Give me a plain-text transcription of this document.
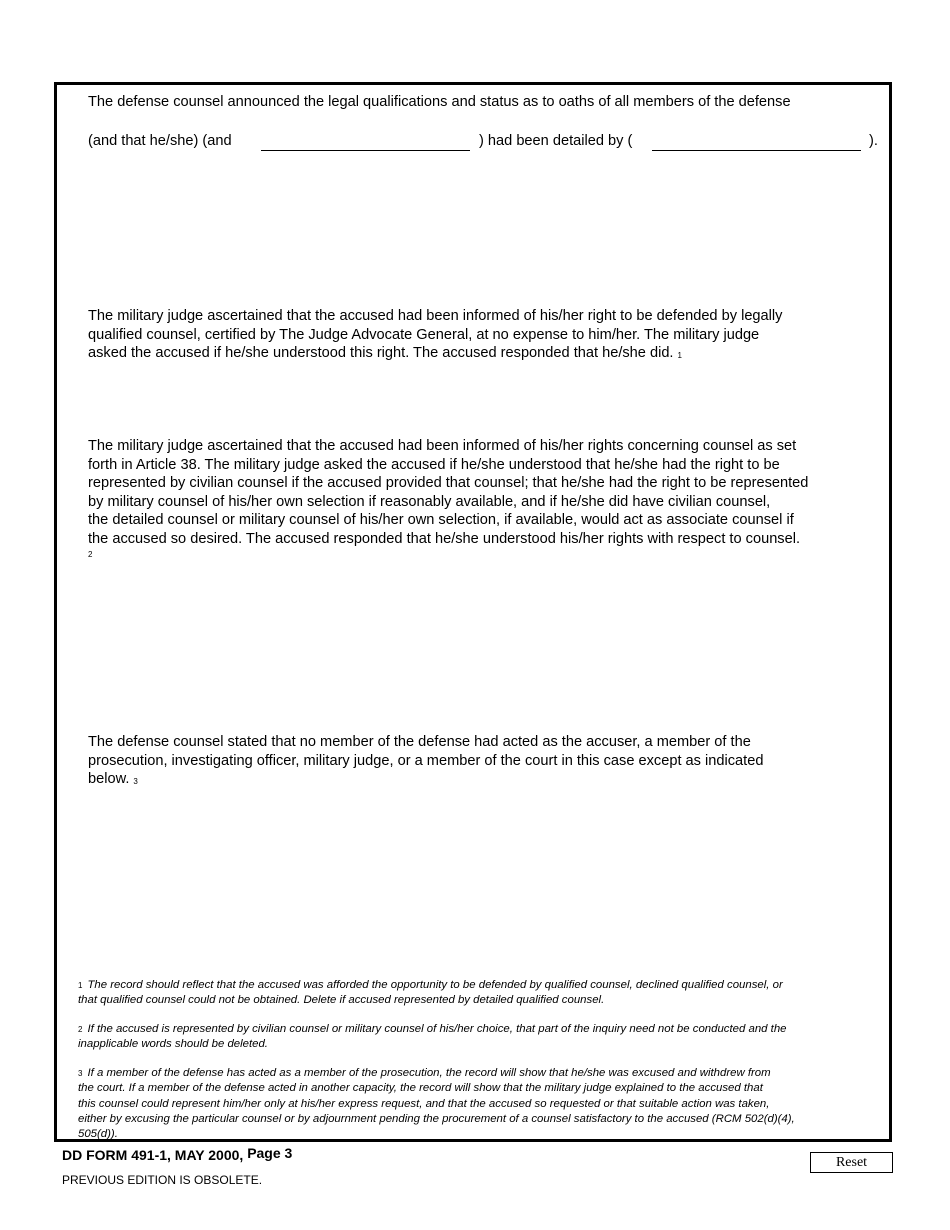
The defense counsel announced the legal qualifications and status as to oaths of all members of the defense
(and that he/she) (and	) had been detailed by (	).
The military judge ascertained that the accused had been informed of his/her right to be defended by legally
qualified counsel, certified by The Judge Advocate General, at no expense to him/her. The military judge
asked the accused if he/she understood this right. The accused responded that he/she did. $^1$
The military judge ascertained that the accused had been informed of his/her rights concerning counsel as set
forth in Article 38. The military judge asked the accused if he/she understood that he/she had the right to be
represented by civilian counsel if the accused provided that counsel; that he/she had the right to be represented
by military counsel of his/her own selection if reasonably available, and if he/she did have civilian counsel,
the detailed counsel or military counsel of his/her own selection, if available, would act as associate counsel if
the accused so desired. The accused responded that he/she understood his/her rights with respect to counsel.
2
The defense counsel stated that no member of the defense had acted as the accuser, a member of the
prosecution, investigating officer, military judge, or a member of the court in this case except as indicated
below. $^3$
1 The record should reflect that the accused was afforded the opportunity to be defended by qualified counsel, declined qualified counsel, or
that qualified counsel could not be obtained. Delete if accused represented by detailed qualified counsel.
2 If the accused is represented by civilian counsel or military counsel of his/her choice, that part of the inquiry need not be conducted and the
inapplicable words should be deleted.
3 If a member of the defense has acted as a member of the prosecution, the record will show that he/she was excused and withdrew from
the court. If a member of the defense acted in another capacity, the record will show that the military judge explained to the accused that
this counsel could represent him/her only at his/her express request, and that the accused so requested or that suitable action was taken,
either by excusing the particular counsel or by adjournment pending the procurement of a counsel satisfactory to the accused (RCM 502(d)(4),
505(d)).
DD FORM 491-1, MAY 2000, Page 3
PREVIOUS EDITION IS OBSOLETE.
Reset
